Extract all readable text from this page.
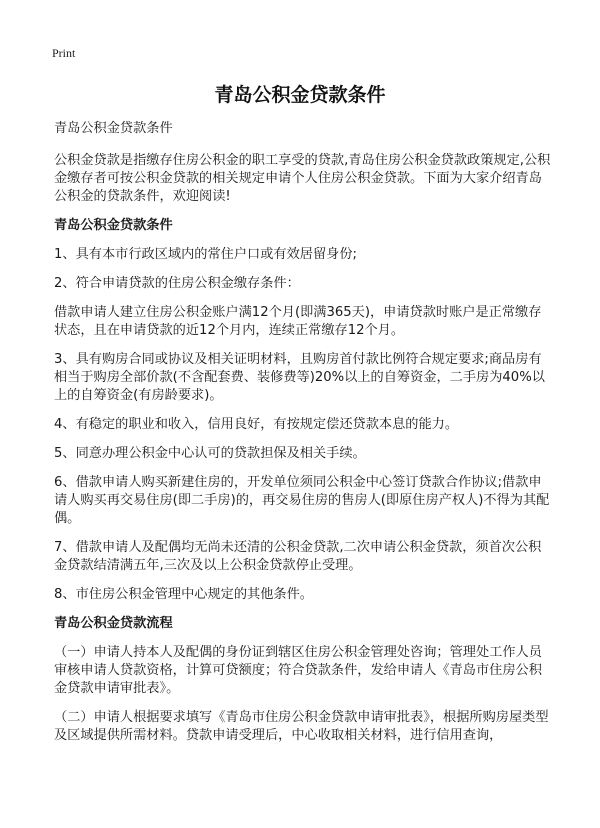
Print
青岛公积金贷款条件

青岛公积金贷款条件

公积金贷款是指缴存住房公积金的职工享受的贷款,青岛住房公积金贷款政策规定,公积金缴存者可按公积金贷款的相关规定申请个人住房公积金贷款。下面为大家介绍青岛公积金的贷款条件，欢迎阅读!

青岛公积金贷款条件

1、具有本市行政区域内的常住户口或有效居留身份;

2、符合申请贷款的住房公积金缴存条件：

借款申请人建立住房公积金账户满12个月(即满365天)，申请贷款时账户是正常缴存状态，且在申请贷款的近12个月内，连续正常缴存12个月。

3、具有购房合同或协议及相关证明材料，且购房首付款比例符合规定要求;商品房有相当于购房全部价款(不含配套费、装修费等)20%以上的自筹资金，二手房为40%以上的自筹资金(有房龄要求)。

4、有稳定的职业和收入，信用良好，有按规定偿还贷款本息的能力。

5、同意办理公积金中心认可的贷款担保及相关手续。

6、借款申请人购买新建住房的，开发单位须同公积金中心签订贷款合作协议;借款申请人购买再交易住房(即二手房)的，再交易住房的售房人(即原住房产权人)不得为其配偶。

7、借款申请人及配偶均无尚未还清的公积金贷款,二次申请公积金贷款，须首次公积金贷款结清满五年,三次及以上公积金贷款停止受理。

8、市住房公积金管理中心规定的其他条件。

青岛公积金贷款流程

（一）申请人持本人及配偶的身份证到辖区住房公积金管理处咨询；管理处工作人员审核申请人贷款资格，计算可贷额度；符合贷款条件，发给申请人《青岛市住房公积金贷款申请审批表》。

（二）申请人根据要求填写《青岛市住房公积金贷款申请审批表》，根据所购房屋类型及区域提供所需材料。贷款申请受理后，中心收取相关材料，进行信用查询，
